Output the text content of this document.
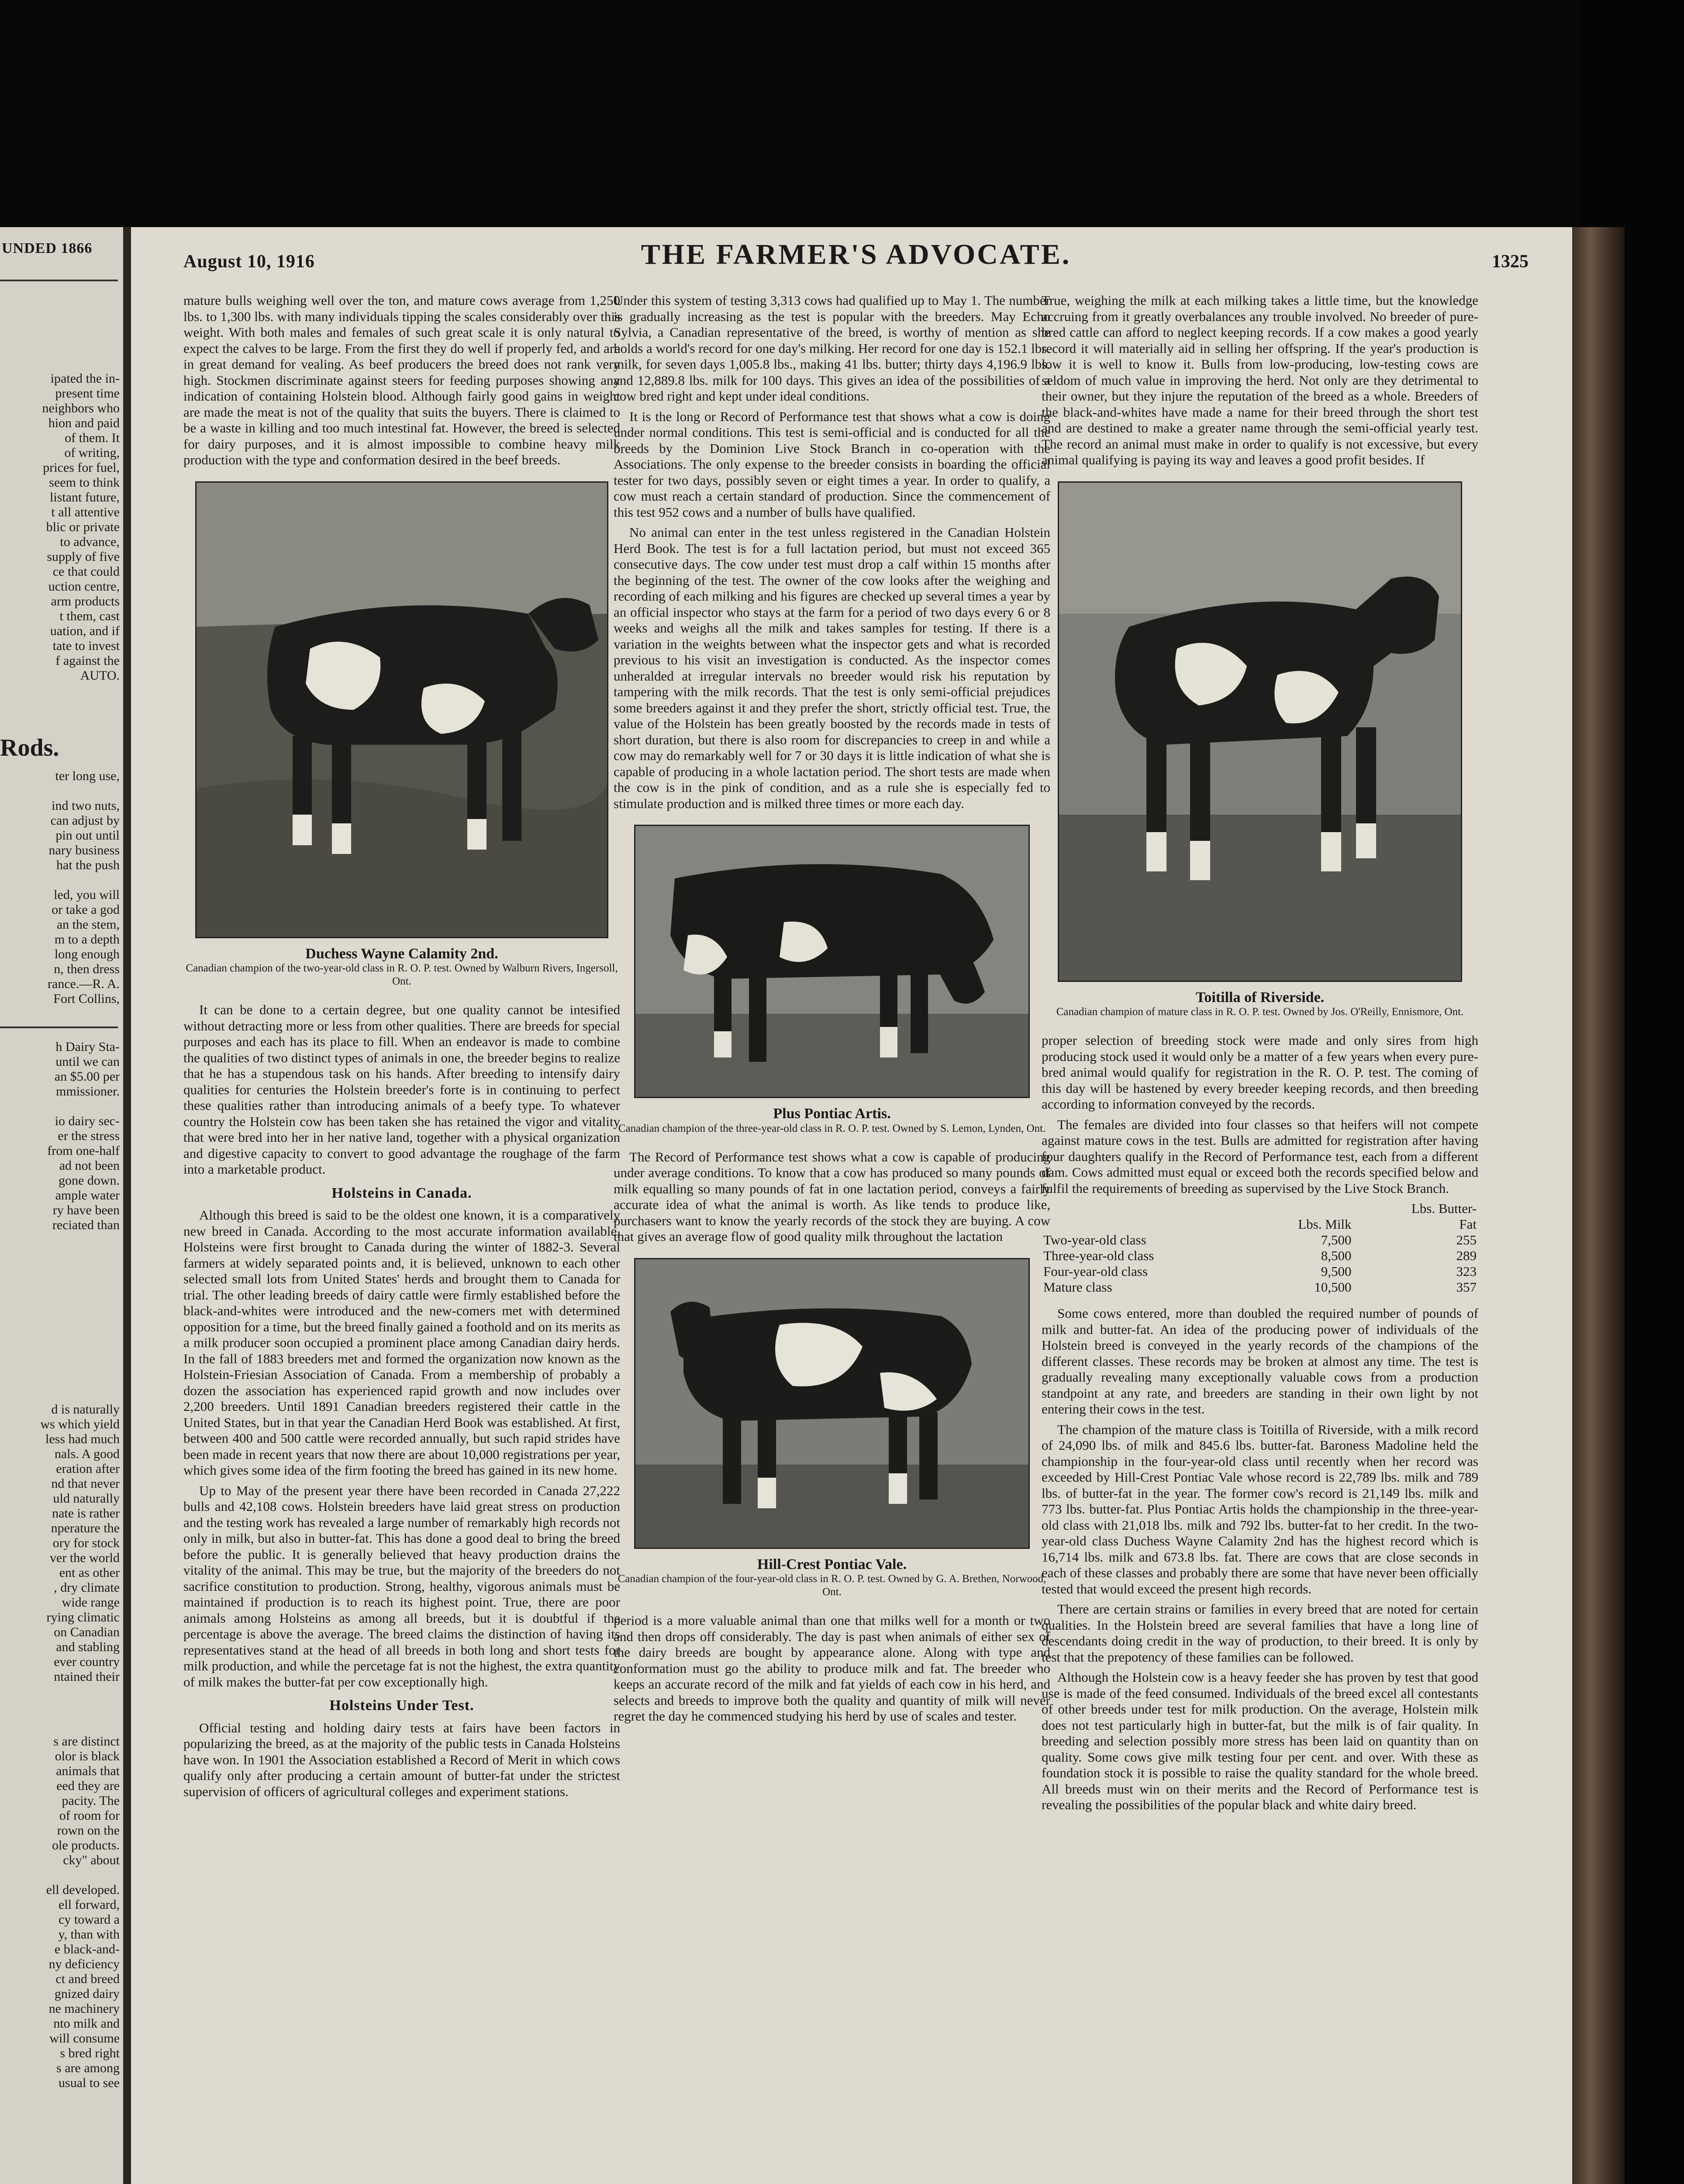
UNDED 1866
ipated the in-
present time
neighbors who
hion and paid
of them. It
of writing,
prices for fuel,
seem to think
listant future,
t all attentive
blic or private
to advance,
supply of five
ce that could
uction centre,
arm products
t them, cast
uation, and if
tate to invest
f against the
AUTO.
Rods.
ter long use,

ind two nuts,
can adjust by
pin out until
nary business
hat the push

led, you will
or take a god
an the stem,
m to a depth
long enough
n, then dress
rance.—R. A.
Fort Collins,
h Dairy Sta-
until we can
an $5.00 per
mmissioner.

io dairy sec-
er the stress
from one-half
ad not been
gone down.
ample water
ry have been
reciated than
d is naturally
ws which yield
less had much
nals. A good
eration after
nd that never
uld naturally
nate is rather
nperature the
ory for stock
ver the world
ent as other
, dry climate
wide range
rying climatic
on Canadian
and stabling
ever country
ntained their
s are distinct
olor is black
animals that
eed they are
pacity. The
of room for
rown on the
ole products.
cky" about

ell developed.
ell forward,
cy toward a
y, than with
e black-and-
ny deficiency
ct and breed
gnized dairy
ne machinery
nto milk and
will consume
s bred right
s are among
usual to see
August 10, 1916	THE FARMER'S ADVOCATE.	1325

mature bulls weighing well over the ton, and mature cows average from 1,250 lbs. to 1,300 lbs. with many individuals tipping the scales considerably over this weight. With both males and females of such great scale it is only natural to expect the calves to be large. From the first they do well if properly fed, and are in great demand for vealing. As beef producers the breed does not rank very high. Stockmen discriminate against steers for feeding purposes showing any indication of containing Holstein blood. Although fairly good gains in weight are made the meat is not of the quality that suits the buyers. There is claimed to be a waste in killing and too much intestinal fat. However, the breed is selected for dairy purposes, and it is almost impossible to combine heavy milk production with the type and conformation desired in the beef breeds.

Duchess Wayne Calamity 2nd.
Canadian champion of the two-year-old class in R. O. P. test. Owned by Walburn Rivers, Ingersoll, Ont.

It can be done to a certain degree, but one quality cannot be intesified without detracting more or less from other qualities. There are breeds for special purposes and each has its place to fill. When an endeavor is made to combine the qualities of two distinct types of animals in one, the breeder begins to realize that he has a stupendous task on his hands. After breeding to intensify dairy qualities for centuries the Holstein breeder's forte is in continuing to perfect these qualities rather than introducing animals of a beefy type. To whatever country the Holstein cow has been taken she has retained the vigor and vitality that were bred into her in her native land, together with a physical organization and digestive capacity to convert to good advantage the roughage of the farm into a marketable product.

Holsteins in Canada.

Although this breed is said to be the oldest one known, it is a comparatively new breed in Canada. According to the most accurate information available, Holsteins were first brought to Canada during the winter of 1882-3. Several farmers at widely separated points and, it is believed, unknown to each other selected small lots from United States' herds and brought them to Canada for trial. The other leading breeds of dairy cattle were firmly established before the black-and-whites were introduced and the new-comers met with determined opposition for a time, but the breed finally gained a foothold and on its merits as a milk producer soon occupied a prominent place among Canadian dairy herds. In the fall of 1883 breeders met and formed the organization now known as the Holstein-Friesian Association of Canada. From a membership of probably a dozen the association has experienced rapid growth and now includes over 2,200 breeders. Until 1891 Canadian breeders registered their cattle in the United States, but in that year the Canadian Herd Book was established. At first, between 400 and 500 cattle were recorded annually, but such rapid strides have been made in recent years that now there are about 10,000 registrations per year, which gives some idea of the firm footing the breed has gained in its new home.

Up to May of the present year there have been recorded in Canada 27,222 bulls and 42,108 cows. Holstein breeders have laid great stress on production and the testing work has revealed a large number of remarkably high records not only in milk, but also in butter-fat. This has done a good deal to bring the breed before the public. It is generally believed that heavy production drains the vitality of the animal. This may be true, but the majority of the breeders do not sacrifice constitution to production. Strong, healthy, vigorous animals must be maintained if production is to reach its highest point. True, there are poor animals among Holsteins as among all breeds, but it is doubtful if the percentage is above the average. The breed claims the distinction of having its representatives stand at the head of all breeds in both long and short tests for milk production, and while the percetage fat is not the highest, the extra quantity of milk makes the butter-fat per cow exceptionally high.

Holsteins Under Test.

Official testing and holding dairy tests at fairs have been factors in popularizing the breed, as at the majority of the public tests in Canada Holsteins have won. In 1901 the Association established a Record of Merit in which cows qualify only after producing a certain amount of butter-fat under the strictest supervision of officers of agricultural colleges and experiment stations.

Under this system of testing 3,313 cows had qualified up to May 1. The number is gradually increasing as the test is popular with the breeders. May Echo Sylvia, a Canadian representative of the breed, is worthy of mention as she holds a world's record for one day's milking. Her record for one day is 152.1 lbs. milk, for seven days 1,005.8 lbs., making 41 lbs. butter; thirty days 4,196.9 lbs. and 12,889.8 lbs. milk for 100 days. This gives an idea of the possibilities of a cow bred right and kept under ideal conditions.

It is the long or Record of Performance test that shows what a cow is doing under normal conditions. This test is semi-official and is conducted for all the breeds by the Dominion Live Stock Branch in co-operation with the Associations. The only expense to the breeder consists in boarding the official tester for two days, possibly seven or eight times a year. In order to qualify, a cow must reach a certain standard of production. Since the commencement of this test 952 cows and a number of bulls have qualified.

No animal can enter in the test unless registered in the Canadian Holstein Herd Book. The test is for a full lactation period, but must not exceed 365 consecutive days. The cow under test must drop a calf within 15 months after the beginning of the test. The owner of the cow looks after the weighing and recording of each milking and his figures are checked up several times a year by an official inspector who stays at the farm for a period of two days every 6 or 8 weeks and weighs all the milk and takes samples for testing. If there is a variation in the weights between what the inspector gets and what is recorded previous to his visit an investigation is conducted. As the inspector comes unheralded at irregular intervals no breeder would risk his reputation by tampering with the milk records. That the test is only semi-official prejudices some breeders against it and they prefer the short, strictly official test. True, the value of the Holstein has been greatly boosted by the records made in tests of short duration, but there is also room for discrepancies to creep in and while a cow may do remarkably well for 7 or 30 days it is little indication of what she is capable of producing in a whole lactation period. The short tests are made when the cow is in the pink of condition, and as a rule she is especially fed to stimulate production and is milked three times or more each day.

Plus Pontiac Artis.
Canadian champion of the three-year-old class in R. O. P. test. Owned by S. Lemon, Lynden, Ont.

The Record of Performance test shows what a cow is capable of producing under average conditions. To know that a cow has produced so many pounds of milk equalling so many pounds of fat in one lactation period, conveys a fairly accurate idea of what the animal is worth. As like tends to produce like, purchasers want to know the yearly records of the stock they are buying. A cow that gives an average flow of good quality milk throughout the lactation

Hill-Crest Pontiac Vale.
Canadian champion of the four-year-old class in R. O. P. test. Owned by G. A. Brethen, Norwood, Ont.

period is a more valuable animal than one that milks well for a month or two and then drops off considerably. The day is past when animals of either sex of the dairy breeds are bought by appearance alone. Along with type and conformation must go the ability to produce milk and fat. The breeder who keeps an accurate record of the milk and fat yields of each cow in his herd, and selects and breeds to improve both the quality and quantity of milk will never regret the day he commenced studying his herd by use of scales and tester.

True, weighing the milk at each milking takes a little time, but the knowledge accruing from it greatly overbalances any trouble involved. No breeder of pure-bred cattle can afford to neglect keeping records. If a cow makes a good yearly record it will materially aid in selling her offspring. If the year's production is low it is well to know it. Bulls from low-producing, low-testing cows are seldom of much value in improving the herd. Not only are they detrimental to their owner, but they injure the reputation of the breed as a whole. Breeders of the black-and-whites have made a name for their breed through the short test and are destined to make a greater name through the semi-official yearly test. The record an animal must make in order to qualify is not excessive, but every animal qualifying is paying its way and leaves a good profit besides. If

Toitilla of Riverside.
Canadian champion of mature class in R. O. P. test. Owned by Jos. O'Reilly, Ennismore, Ont.

proper selection of breeding stock were made and only sires from high producing stock used it would only be a matter of a few years when every pure-bred animal would qualify for registration in the R. O. P. test. The coming of this day will be hastened by every breeder keeping records, and then breeding according to information conveyed by the records.

The females are divided into four classes so that heifers will not compete against mature cows in the test. Bulls are admitted for registration after having four daughters qualify in the Record of Performance test, each from a different dam. Cows admitted must equal or exceed both the records specified below and fulfil the requirements of breeding as supervised by the Live Stock Branch.

		Lbs. Butter-
	Lbs. Milk	Fat
Two-year-old class	7,500	255
Three-year-old class	8,500	289
Four-year-old class	9,500	323
Mature class	10,500	357

Some cows entered, more than doubled the required number of pounds of milk and butter-fat. An idea of the producing power of individuals of the Holstein breed is conveyed in the yearly records of the champions of the different classes. These records may be broken at almost any time. The test is gradually revealing many exceptionally valuable cows from a production standpoint at any rate, and breeders are standing in their own light by not entering their cows in the test.

The champion of the mature class is Toitilla of Riverside, with a milk record of 24,090 lbs. of milk and 845.6 lbs. butter-fat. Baroness Madoline held the championship in the four-year-old class until recently when her record was exceeded by Hill-Crest Pontiac Vale whose record is 22,789 lbs. milk and 789 lbs. of butter-fat in the year. The former cow's record is 21,149 lbs. milk and 773 lbs. butter-fat. Plus Pontiac Artis holds the championship in the three-year-old class with 21,018 lbs. milk and 792 lbs. butter-fat to her credit. In the two-year-old class Duchess Wayne Calamity 2nd has the highest record which is 16,714 lbs. milk and 673.8 lbs. fat. There are cows that are close seconds in each of these classes and probably there are some that have never been officially tested that would exceed the present high records.

There are certain strains or families in every breed that are noted for certain qualities. In the Holstein breed are several families that have a long line of descendants doing credit in the way of production, to their breed. It is only by test that the prepotency of these families can be followed.

Although the Holstein cow is a heavy feeder she has proven by test that good use is made of the feed consumed. Individuals of the breed excel all contestants of other breeds under test for milk production. On the average, Holstein milk does not test particularly high in butter-fat, but the milk is of fair quality. In breeding and selection possibly more stress has been laid on quantity than on quality. Some cows give milk testing four per cent. and over. With these as foundation stock it is possible to raise the quality standard for the whole breed. All breeds must win on their merits and the Record of Performance test is revealing the possibilities of the popular black and white dairy breed.
